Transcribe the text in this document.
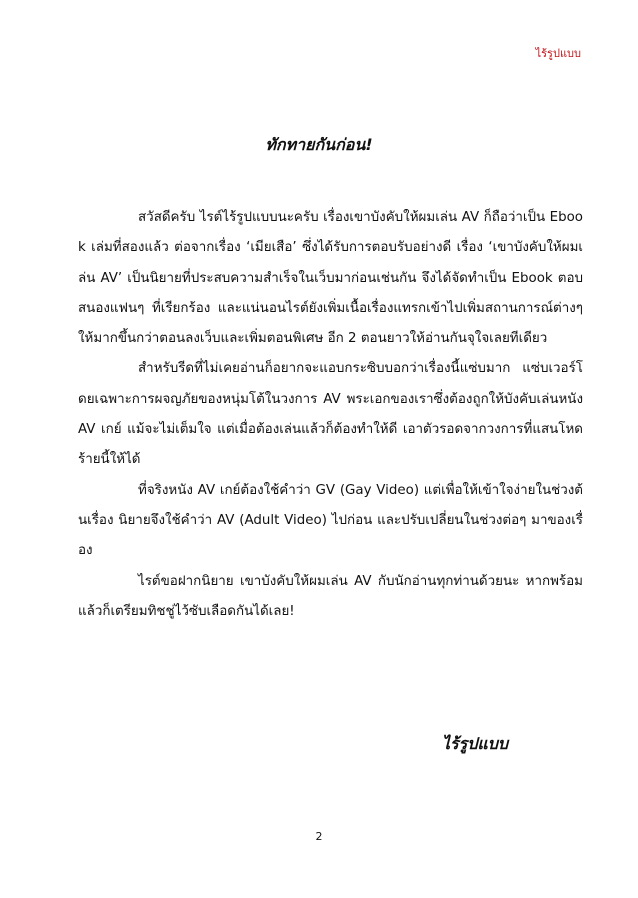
ไร้รูปแบบ
ทักทายกันก่อน!

สวัสดีครับ ไรต์ไร้รูปแบบนะครับ เรื่องเขาบังคับให้ผมเล่น AV ก็ถือว่าเป็น Ebook เล่มที่สองแล้ว ต่อจากเรื่อง ‘เมียเสือ’ ซึ่งได้รับการตอบรับอย่างดี เรื่อง ‘เขาบังคับให้ผมเล่น AV’ เป็นนิยายที่ประสบความสำเร็จในเว็บมาก่อนเช่นกัน จึงได้จัดทำเป็น Ebook ตอบสนองแฟนๆ ที่เรียกร้อง และแน่นอนไรต์ยังเพิ่มเนื้อเรื่องแทรกเข้าไปเพิ่มสถานการณ์ต่างๆ ให้มากขึ้นกว่าตอนลงเว็บและเพิ่มตอนพิเศษ อีก 2 ตอนยาวให้อ่านกันจุใจเลยทีเดียว

สำหรับรีดที่ไม่เคยอ่านก็อยากจะแอบกระซิบบอกว่าเรื่องนี้แซ่บมาก แซ่บเวอร์โดยเฉพาะการผจญภัยของหนุ่มโต้ในวงการ AV พระเอกของเราซึ่งต้องถูกให้บังคับเล่นหนัง AV เกย์ แม้จะไม่เต็มใจ แต่เมื่อต้องเล่นแล้วก็ต้องทำให้ดี เอาตัวรอดจากวงการที่แสนโหดร้ายนี้ให้ได้

ที่จริงหนัง AV เกย์ต้องใช้คำว่า GV (Gay Video) แต่เพื่อให้เข้าใจง่ายในช่วงต้นเรื่อง นิยายจึงใช้คำว่า AV (Adult Video) ไปก่อน และปรับเปลี่ยนในช่วงต่อๆ มาของเรื่อง

ไรต์ขอฝากนิยาย เขาบังคับให้ผมเล่น AV กับนักอ่านทุกท่านด้วยนะ หากพร้อมแล้วก็เตรียมทิชชู่ไว้ซับเลือดกันได้เลย!

ไร้รูปแบบ
2
